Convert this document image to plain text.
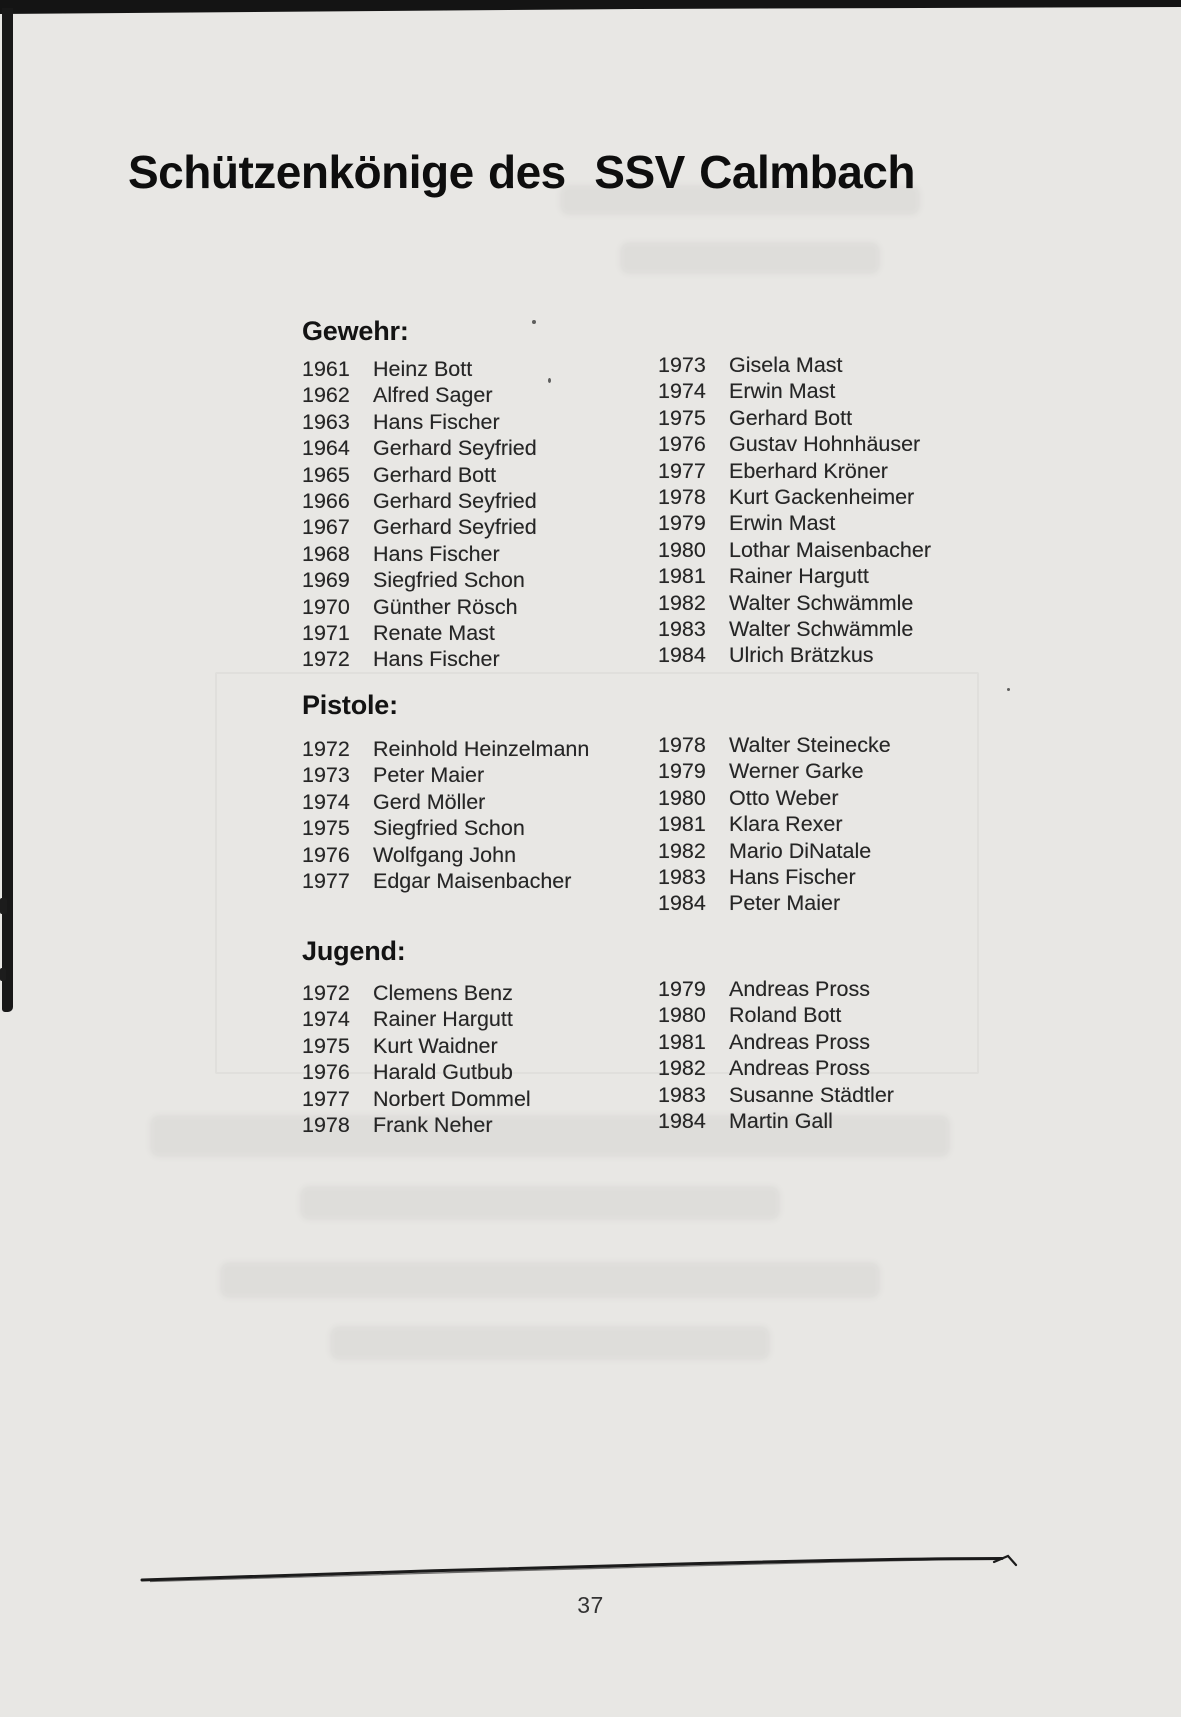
Schützenkönige des  SSV Calmbach
Gewehr:
1961	Heinz Bott
1962	Alfred Sager
1963	Hans Fischer
1964	Gerhard Seyfried
1965	Gerhard Bott
1966	Gerhard Seyfried
1967	Gerhard Seyfried
1968	Hans Fischer
1969	Siegfried Schon
1970	Günther Rösch
1971	Renate Mast
1972	Hans Fischer
1973	Gisela Mast
1974	Erwin Mast
1975	Gerhard Bott
1976	Gustav Hohnhäuser
1977	Eberhard Kröner
1978	Kurt Gackenheimer
1979	Erwin Mast
1980	Lothar Maisenbacher
1981	Rainer Hargutt
1982	Walter Schwämmle
1983	Walter Schwämmle
1984	Ulrich Brätzkus
Pistole:
1972	Reinhold Heinzelmann
1973	Peter Maier
1974	Gerd Möller
1975	Siegfried Schon
1976	Wolfgang John
1977	Edgar Maisenbacher
1978	Walter Steinecke
1979	Werner Garke
1980	Otto Weber
1981	Klara Rexer
1982	Mario DiNatale
1983	Hans Fischer
1984	Peter Maier
Jugend:
1972	Clemens Benz
1974	Rainer Hargutt
1975	Kurt Waidner
1976	Harald Gutbub
1977	Norbert Dommel
1978	Frank Neher
1979	Andreas Pross
1980	Roland Bott
1981	Andreas Pross
1982	Andreas Pross
1983	Susanne Städtler
1984	Martin Gall
37
